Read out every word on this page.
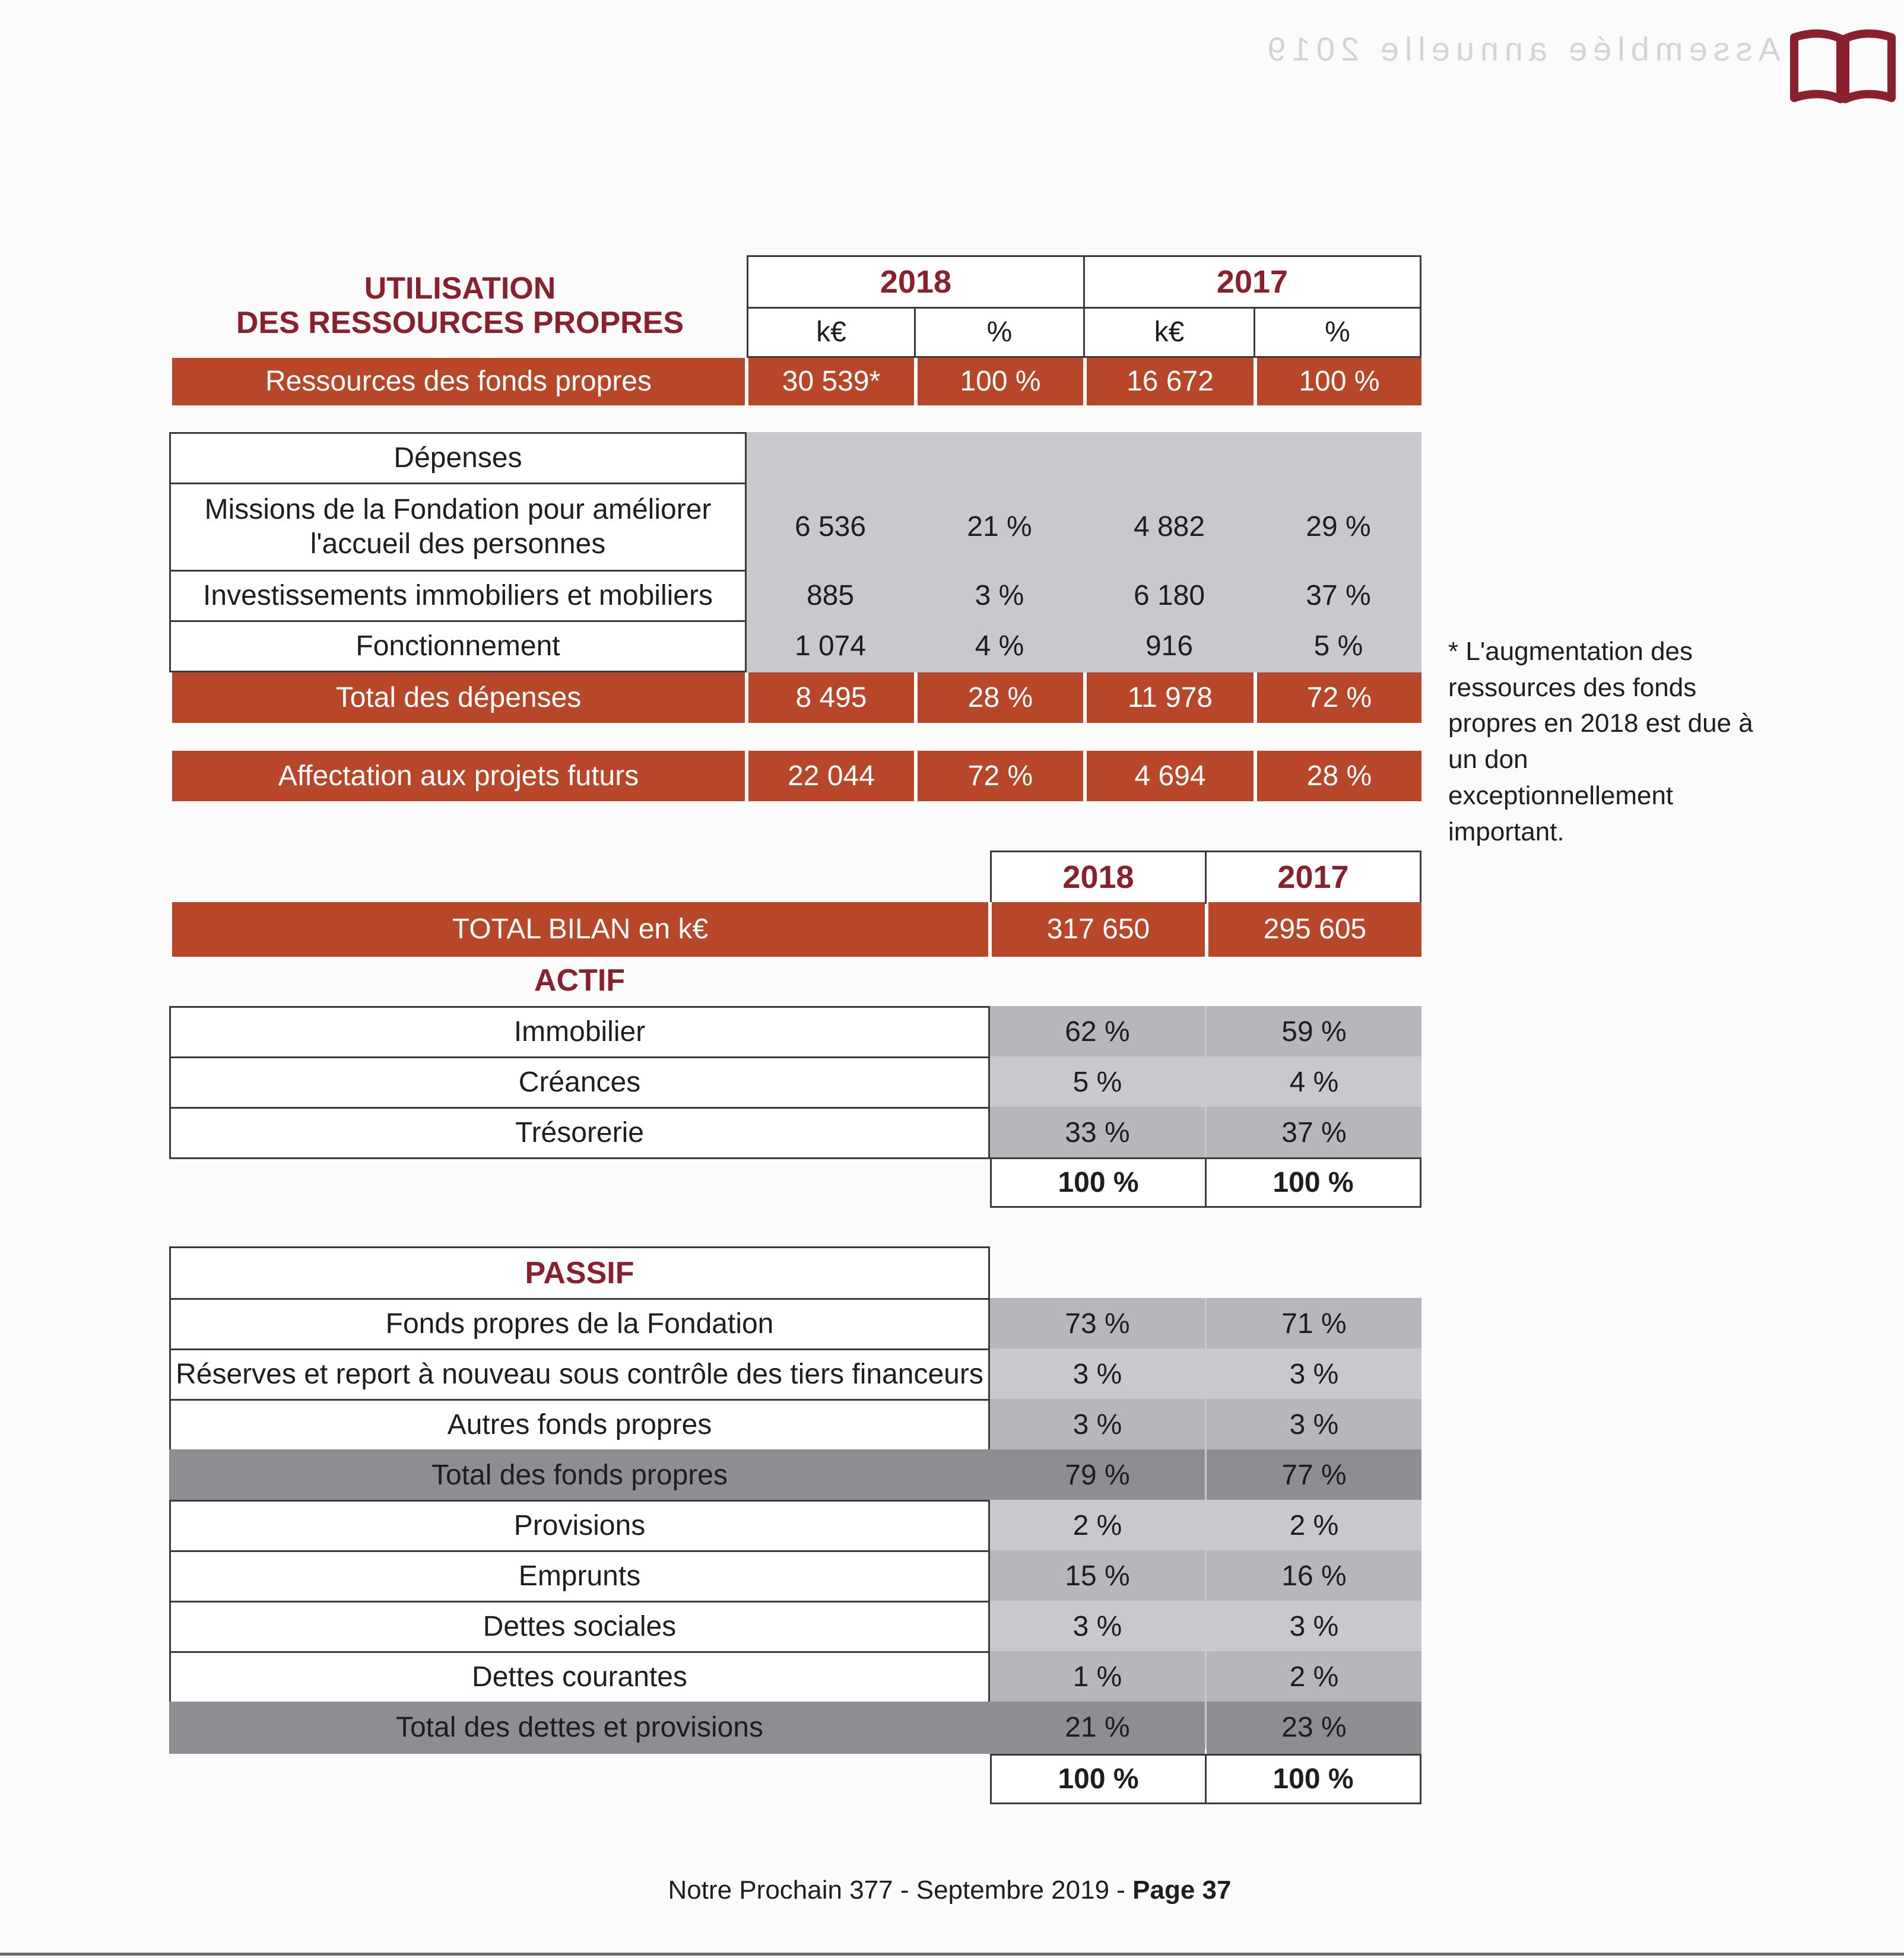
Assemblée annuelle 2019
UTILISATION
DES RESSOURCES PROPRES
2018	2017
k€	%	k€	%
Ressources des fonds propres	30 539*	100 %	16 672	100 %
Dépenses
Missions de la Fondation pour améliorer l'accueil des personnes
6 536	21 %	4 882	29 %
Investissements immobiliers et mobiliers	885	3 %	6 180	37 %
Fonctionnement	1 074	4 %	916	5 %
Total des dépenses	8 495	28 %	11 978	72 %
Affectation aux projets futurs	22 044	72 %	4 694	28 %
* L'augmentation des ressources des fonds propres en 2018 est due à un don exceptionnellement important.
2018	2017
TOTAL BILAN en k€	317 650	295 605
ACTIF
Immobilier	62 %	59 %
Créances	5 %	4 %
Trésorerie	33 %	37 %
100 %	100 %
PASSIF
Fonds propres de la Fondation	73 %	71 %
Réserves et report à nouveau sous contrôle des tiers financeurs	3 %	3 %
Autres fonds propres	3 %	3 %
Total des fonds propres	79 %	77 %
Provisions	2 %	2 %
Emprunts	15 %	16 %
Dettes sociales	3 %	3 %
Dettes courantes	1 %	2 %
Total des dettes et provisions	21 %	23 %
100 %	100 %
Notre Prochain 377 - Septembre 2019 - Page 37
